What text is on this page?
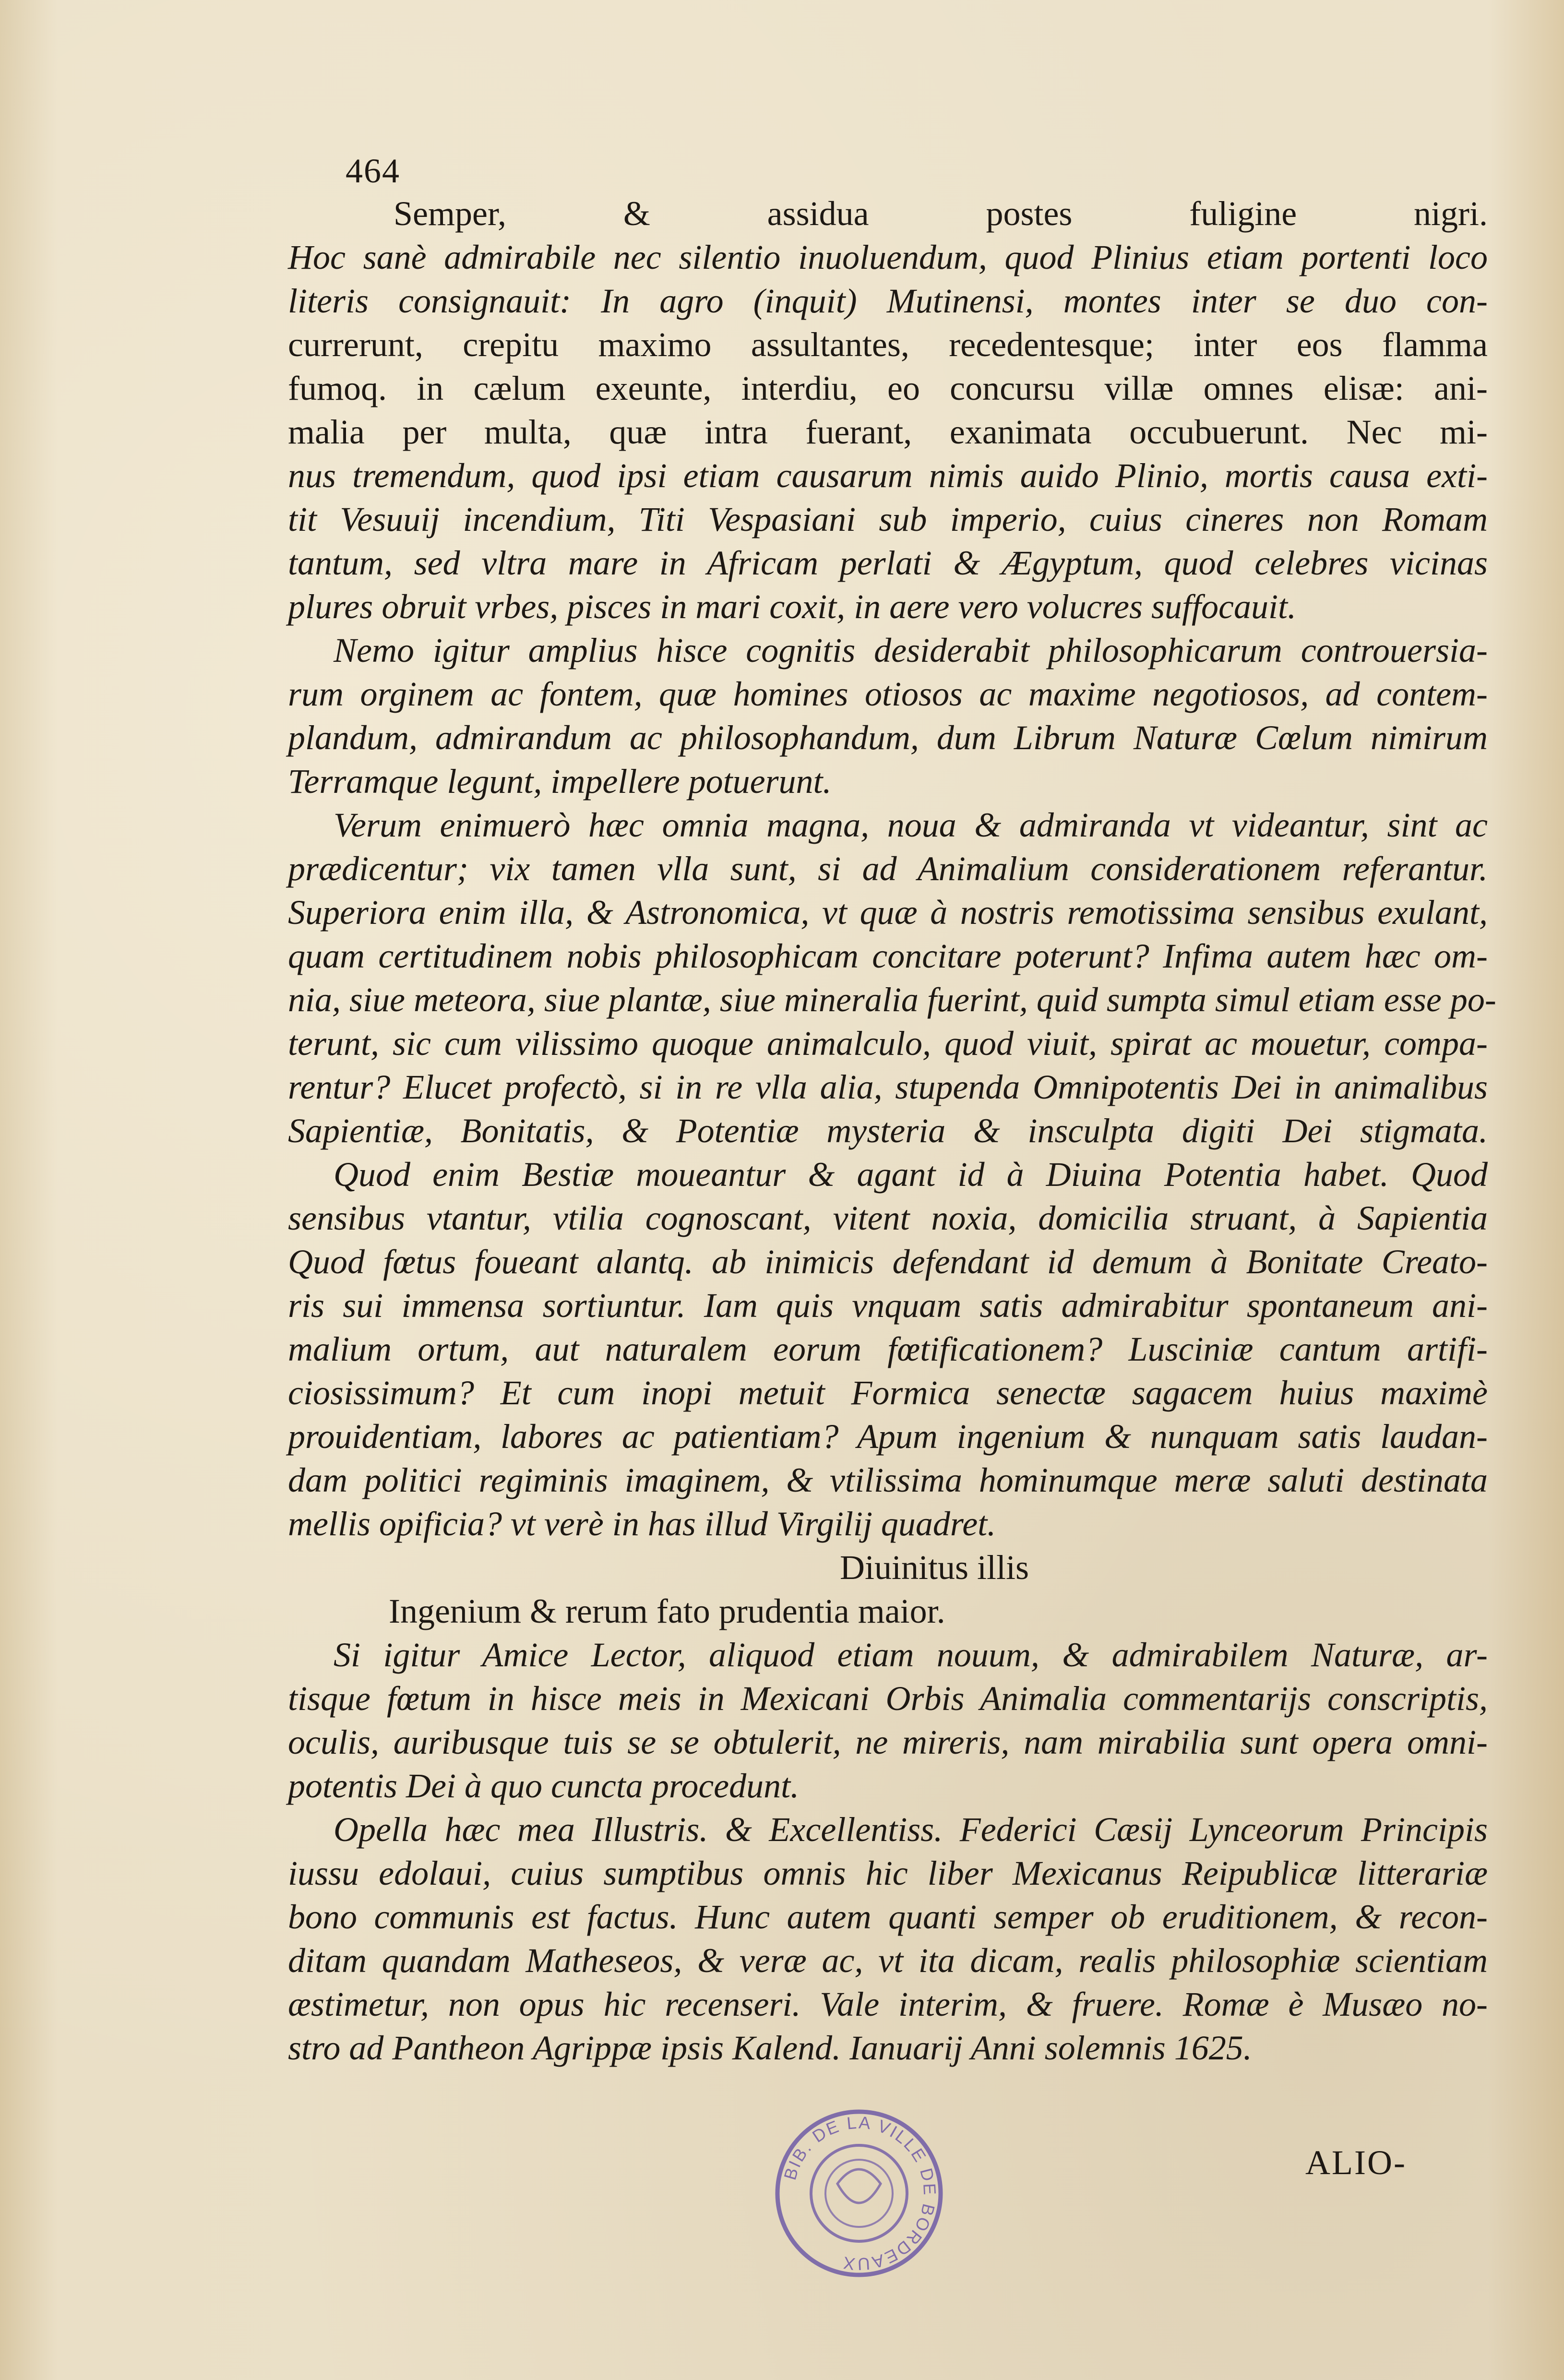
464
Semper, & assidua postes fuligine nigri.
Hoc sanè admirabile nec silentio inuoluendum, quod Plinius etiam portenti loco
literis consignauit: In agro (inquit) Mutinensi, montes inter se duo con-
currerunt, crepitu maximo assultantes, recedentesque; inter eos flamma
fumoq. in cælum exeunte, interdiu, eo concursu villæ omnes elisæ: ani-
malia per multa, quæ intra fuerant, exanimata occubuerunt. Nec mi-
nus tremendum, quod ipsi etiam causarum nimis auido Plinio, mortis causa exti-
tit Vesuuij incendium, Titi Vespasiani sub imperio, cuius cineres non Romam
tantum, sed vltra mare in Africam perlati & Ægyptum, quod celebres vicinas
plures obruit vrbes, pisces in mari coxit, in aere vero volucres suffocauit.
Nemo igitur amplius hisce cognitis desiderabit philosophicarum controuersia-
rum orginem ac fontem, quæ homines otiosos ac maxime negotiosos, ad contem-
plandum, admirandum ac philosophandum, dum Librum Naturæ Cœlum nimirum
Terramque legunt, impellere potuerunt.
Verum enimuerò hæc omnia magna, noua & admiranda vt videantur, sint ac
prædicentur; vix tamen vlla sunt, si ad Animalium considerationem referantur.
Superiora enim illa, & Astronomica, vt quæ à nostris remotissima sensibus exulant,
quam certitudinem nobis philosophicam concitare poterunt? Infima autem hæc om-
nia, siue meteora, siue plantæ, siue mineralia fuerint, quid sumpta simul etiam esse po-
terunt, sic cum vilissimo quoque animalculo, quod viuit, spirat ac mouetur, compa-
rentur? Elucet profectò, si in re vlla alia, stupenda Omnipotentis Dei in animalibus
Sapientiæ, Bonitatis, & Potentiæ mysteria & insculpta digiti Dei stigmata.
Quod enim Bestiæ moueantur & agant id à Diuina Potentia habet. Quod
sensibus vtantur, vtilia cognoscant, vitent noxia, domicilia struant, à Sapientia
Quod fœtus foueant alantq. ab inimicis defendant id demum à Bonitate Creato-
ris sui immensa sortiuntur. Iam quis vnquam satis admirabitur spontaneum ani-
malium ortum, aut naturalem eorum fœtificationem? Lusciniæ cantum artifi-
ciosissimum? Et cum inopi metuit Formica senectæ sagacem huius maximè
prouidentiam, labores ac patientiam? Apum ingenium & nunquam satis laudan-
dam politici regiminis imaginem, & vtilissima hominumque meræ saluti destinata
mellis opificia? vt verè in has illud Virgilij quadret.
Diuinitus illis
Ingenium & rerum fato prudentia maior.
Si igitur Amice Lector, aliquod etiam nouum, & admirabilem Naturæ, ar-
tisque fœtum in hisce meis in Mexicani Orbis Animalia commentarijs conscriptis,
oculis, auribusque tuis se se obtulerit, ne mireris, nam mirabilia sunt opera omni-
potentis Dei à quo cuncta procedunt.
Opella hæc mea Illustris. & Excellentiss. Federici Cæsij Lynceorum Principis
iussu edolaui, cuius sumptibus omnis hic liber Mexicanus Reipublicæ litterariæ
bono communis est factus. Hunc autem quanti semper ob eruditionem, & recon-
ditam quandam Matheseos, & veræ ac, vt ita dicam, realis philosophiæ scientiam
æstimetur, non opus hic recenseri. Vale interim, & fruere. Romæ è Musæo no-
stro ad Pantheon Agrippæ ipsis Kalend. Ianuarij Anni solemnis 1625.
ALIO-
BIB. DE LA VILLE DE BORDEAUX
